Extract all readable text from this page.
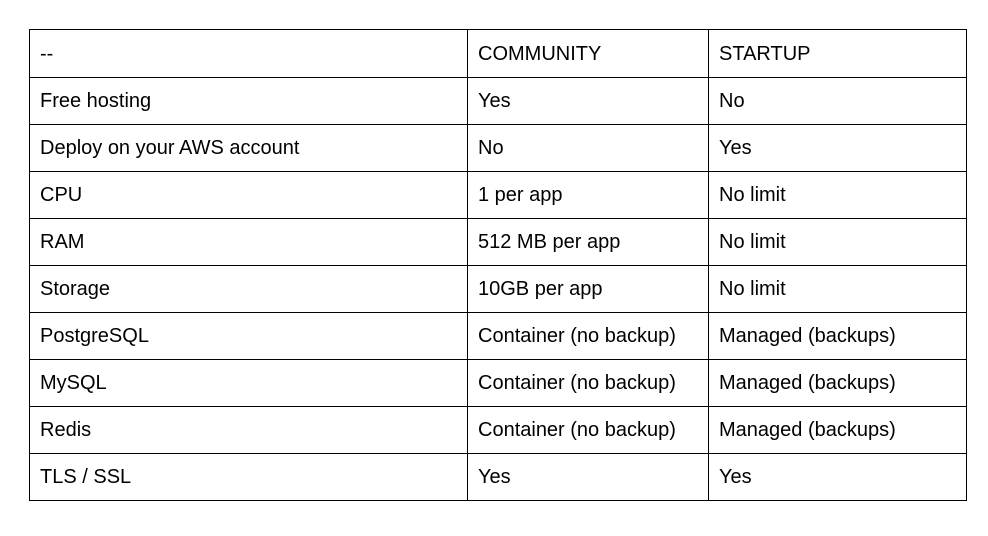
--	COMMUNITY	STARTUP
Free hosting	Yes	No
Deploy on your AWS account	No	Yes
CPU	1 per app	No limit
RAM	512 MB per app	No limit
Storage	10GB per app	No limit
PostgreSQL	Container (no backup)	Managed (backups)
MySQL	Container (no backup)	Managed (backups)
Redis	Container (no backup)	Managed (backups)
TLS / SSL	Yes	Yes
